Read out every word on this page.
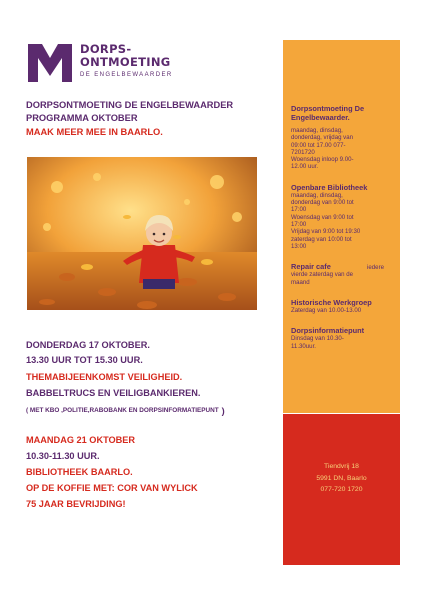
DORPS-
ONTMOETING
DE ENGELBEWAARDER
DORPSONTMOETING DE ENGELBEWAARDER
PROGRAMMA OKTOBER
MAAK MEER MEE IN BAARLO.
DONDERDAG 17 OKTOBER.
13.30 UUR TOT 15.30 UUR.
THEMABIJEENKOMST VEILIGHEID.
BABBELTRUCS EN VEILIGBANKIEREN.
( MET KBO ,POLITIE,RABOBANK EN DORPSINFORMATIEPUNT )
MAANDAG 21 OKTOBER
10.30-11.30 UUR.
BIBLIOTHEEK BAARLO.
OP DE KOFFIE MET: COR VAN WYLICK
75 JAAR BEVRIJDING!
Dorpsontmoeting De Engelbewaarder.
maandag, dinsdag,
donderdag, vrijdag van
09:00 tot 17.00 077-
7201720
Woensdag inloop 9.00-
12.00 uur.
Openbare Bibliotheek
maandag, dinsdag,
donderdag van 9:00 tot
17:00
Woensdag van 9:00 tot
17:00
Vrijdag van 9:00 tot 19:30
zaterdag van 10:00 tot
13:00
Repair cafe	iedere
vierde zaterdag van de
maand
Historische Werkgroep
Zaterdag van 10.00-13.00
Dorpsinformatiepunt
Dinsdag van 10.30-
11.30uur.
Tiendvrij 18
5991 DN, Baarlo
077-720 1720
